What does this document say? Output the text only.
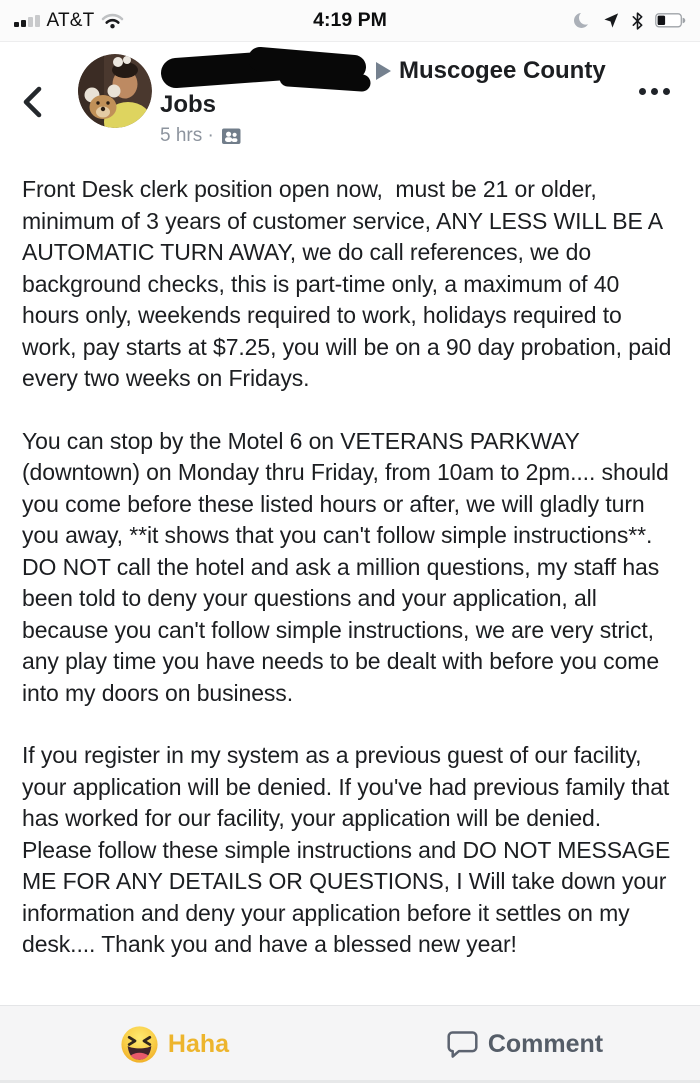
AT&T	4:19 PM
Muscogee County
Jobs
5 hrs ·

Front Desk clerk position open now,  must be 21 or older, minimum of 3 years of customer service, ANY LESS WILL BE A  AUTOMATIC TURN AWAY, we do call references, we do background checks, this is part-time only, a maximum of 40 hours only, weekends required to work, holidays required to work, pay starts at $7.25, you will be on a 90 day probation, paid every two weeks on Fridays.

You can stop by the Motel 6 on VETERANS PARKWAY (downtown) on Monday thru Friday, from 10am to 2pm.... should you come before these listed hours or after, we will gladly turn you away, **it shows that you can't follow simple instructions**. DO NOT call the hotel and ask a million questions, my staff has been told to deny your questions and your application, all because you can't follow simple instructions, we are very strict, any play time you have needs to be dealt with before you come into my doors on business.

If you register in my system as a previous guest of our facility, your application will be denied. If you've had previous family that has worked for our facility, your application will be denied. Please follow these simple instructions and DO NOT MESSAGE ME FOR ANY DETAILS OR QUESTIONS, I Will take down your information and deny your application before it settles on my desk.... Thank you and have a blessed new year!

Haha	Comment
